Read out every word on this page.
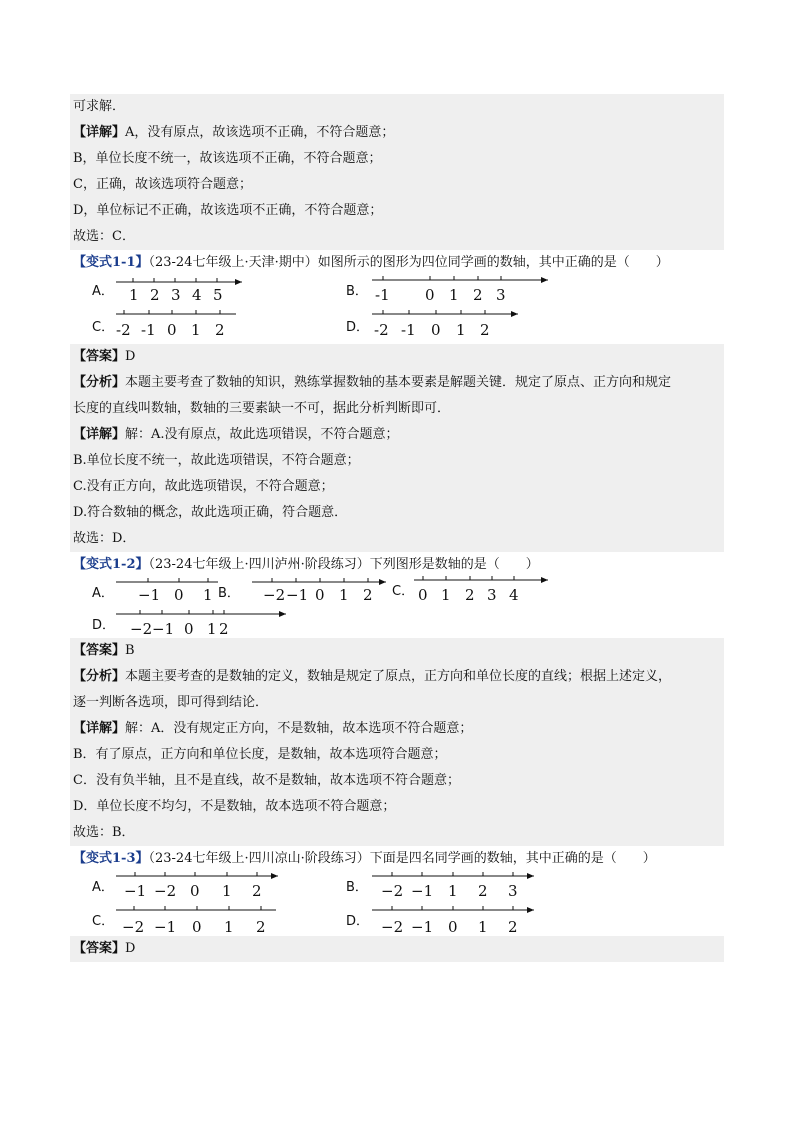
可求解．
【详解】A，没有原点，故该选项不正确，不符合题意；
B，单位长度不统一，故该选项不正确，不符合题意；
C，正确，故该选项符合题意；
D，单位标记不正确，故该选项不正确，不符合题意；
故选：C．
【变式1-1】（23-24七年级上·天津·期中）如图所示的图形为四位同学画的数轴，其中正确的是（　　）
A． 1 2 3 4 5	B． -1 0 1 2 3
C． -2 -1 0 1 2	D． -2 -1 0 1 2
【答案】D
【分析】本题主要考查了数轴的知识，熟练掌握数轴的基本要素是解题关键．规定了原点、正方向和规定
长度的直线叫数轴，数轴的三要素缺一不可，据此分析判断即可．
【详解】解：A.没有原点，故此选项错误，不符合题意；
B.单位长度不统一，故此选项错误，不符合题意；
C.没有正方向，故此选项错误，不符合题意；
D.符合数轴的概念，故此选项正确，符合题意．
故选：D．
【变式1-2】（23-24七年级上·四川泸州·阶段练习）下列图形是数轴的是（　　）
A． −1 0 1 B． −2 −1 0 1 2 C． 0 1 2 3 4
D． −2 −1 0 1 2
【答案】B
【分析】本题主要考查的是数轴的定义，数轴是规定了原点，正方向和单位长度的直线；根据上述定义，
逐一判断各选项，即可得到结论．
【详解】解：A．没有规定正方向，不是数轴，故本选项不符合题意；
B．有了原点，正方向和单位长度，是数轴，故本选项符合题意；
C．没有负半轴，且不是直线，故不是数轴，故本选项不符合题意；
D．单位长度不均匀，不是数轴，故本选项不符合题意；
故选：B．
【变式1-3】（23-24七年级上·四川凉山·阶段练习）下面是四名同学画的数轴，其中正确的是（　　）
A． −1 −2 0 1 2	B． −2 −1 1 2 3
C． −2 −1 0 1 2	D． −2 −1 0 1 2
【答案】D
